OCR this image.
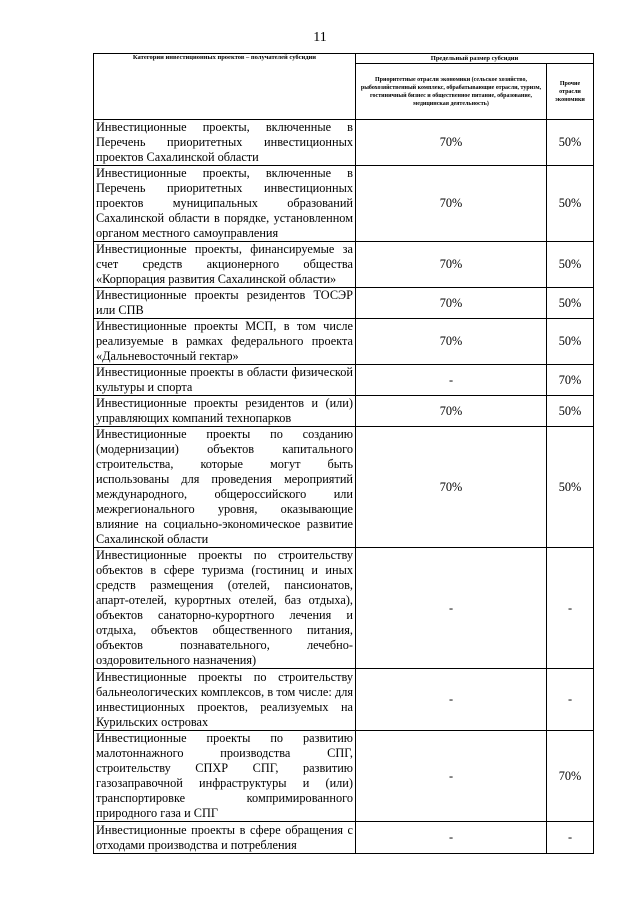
11
Категории инвестиционных проектов – получателей субсидии	Предельный размер субсидии	
	Приоритетные отрасли экономики (сельское хозяйство, рыбохозяйственный комплекс, обрабатывающие отрасли, туризм, гостиничный бизнес и общественное питание, образование, медицинская деятельность)	Прочие отрасли экономики
Инвестиционные проекты, включенные в Перечень приоритетных инвестиционных проектов Сахалинской области	70%	50%
Инвестиционные проекты, включенные в Перечень приоритетных инвестиционных проектов муниципальных образований Сахалинской области в порядке, установленном органом местного самоуправления	70%	50%
Инвестиционные проекты, финансируемые за счет средств акционерного общества «Корпорация развития Сахалинской области»	70%	50%
Инвестиционные проекты резидентов ТОСЭР или СПВ	70%	50%
Инвестиционные проекты МСП, в том числе реализуемые в рамках федерального проекта «Дальневосточный гектар»	70%	50%
Инвестиционные проекты в области физической культуры и спорта	-	70%
Инвестиционные проекты резидентов и (или) управляющих компаний технопарков	70%	50%
Инвестиционные проекты по созданию (модернизации) объектов капитального строительства, которые могут быть использованы для проведения мероприятий международного, общероссийского или межрегионального уровня, оказывающие влияние на социально-экономическое развитие Сахалинской области	70%	50%
Инвестиционные проекты по строительству объектов в сфере туризма (гостиниц и иных средств размещения (отелей, пансионатов, апарт-отелей, курортных отелей, баз отдыха), объектов санаторно-курортного лечения и отдыха, объектов общественного питания, объектов познавательного, лечебно-оздоровительного назначения)	-	-
Инвестиционные проекты по строительству бальнеологических комплексов, в том числе: для инвестиционных проектов, реализуемых на Курильских островах	-	-
Инвестиционные проекты по развитию малотоннажного производства СПГ, строительству СПХР СПГ, развитию газозаправочной инфраструктуры и (или) транспортировке компримированного природного газа и СПГ	-	70%
Инвестиционные проекты в сфере обращения с отходами производства и потребления	-	-
